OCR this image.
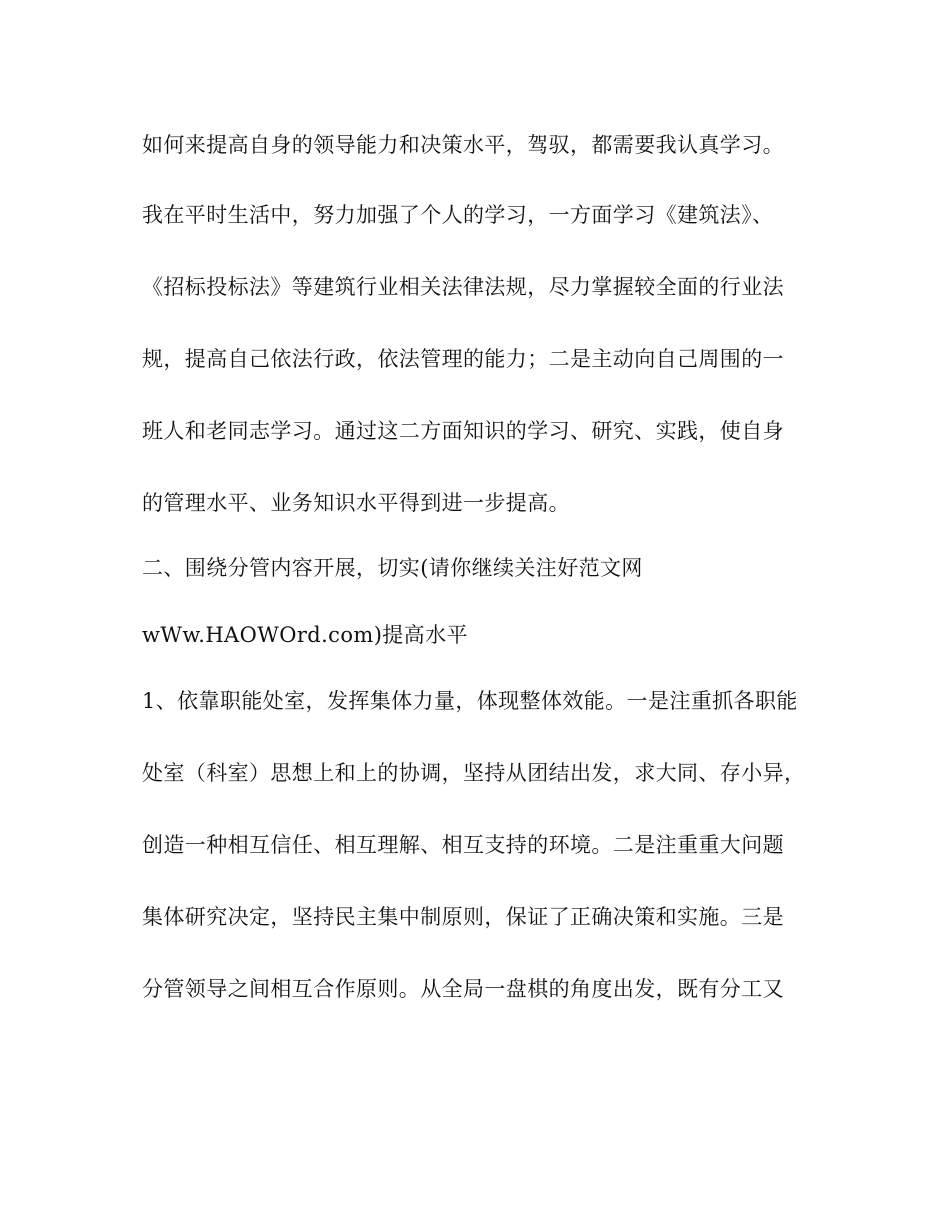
如何来提高自身的领导能力和决策水平，驾驭，都需要我认真学习。
我在平时生活中，努力加强了个人的学习，一方面学习《建筑法》、
《招标投标法》等建筑行业相关法律法规，尽力掌握较全面的行业法
规，提高自己依法行政，依法管理的能力；二是主动向自己周围的一
班人和老同志学习。通过这二方面知识的学习、研究、实践，使自身
的管理水平、业务知识水平得到进一步提高。
二、围绕分管内容开展，切实(请你继续关注好范文网
wWw.HAOWOrd.com)提高水平
1、依靠职能处室，发挥集体力量，体现整体效能。一是注重抓各职能
处室（科室）思想上和上的协调，坚持从团结出发，求大同、存小异，
创造一种相互信任、相互理解、相互支持的环境。二是注重重大问题
集体研究决定，坚持民主集中制原则，保证了正确决策和实施。三是
分管领导之间相互合作原则。从全局一盘棋的角度出发，既有分工又
